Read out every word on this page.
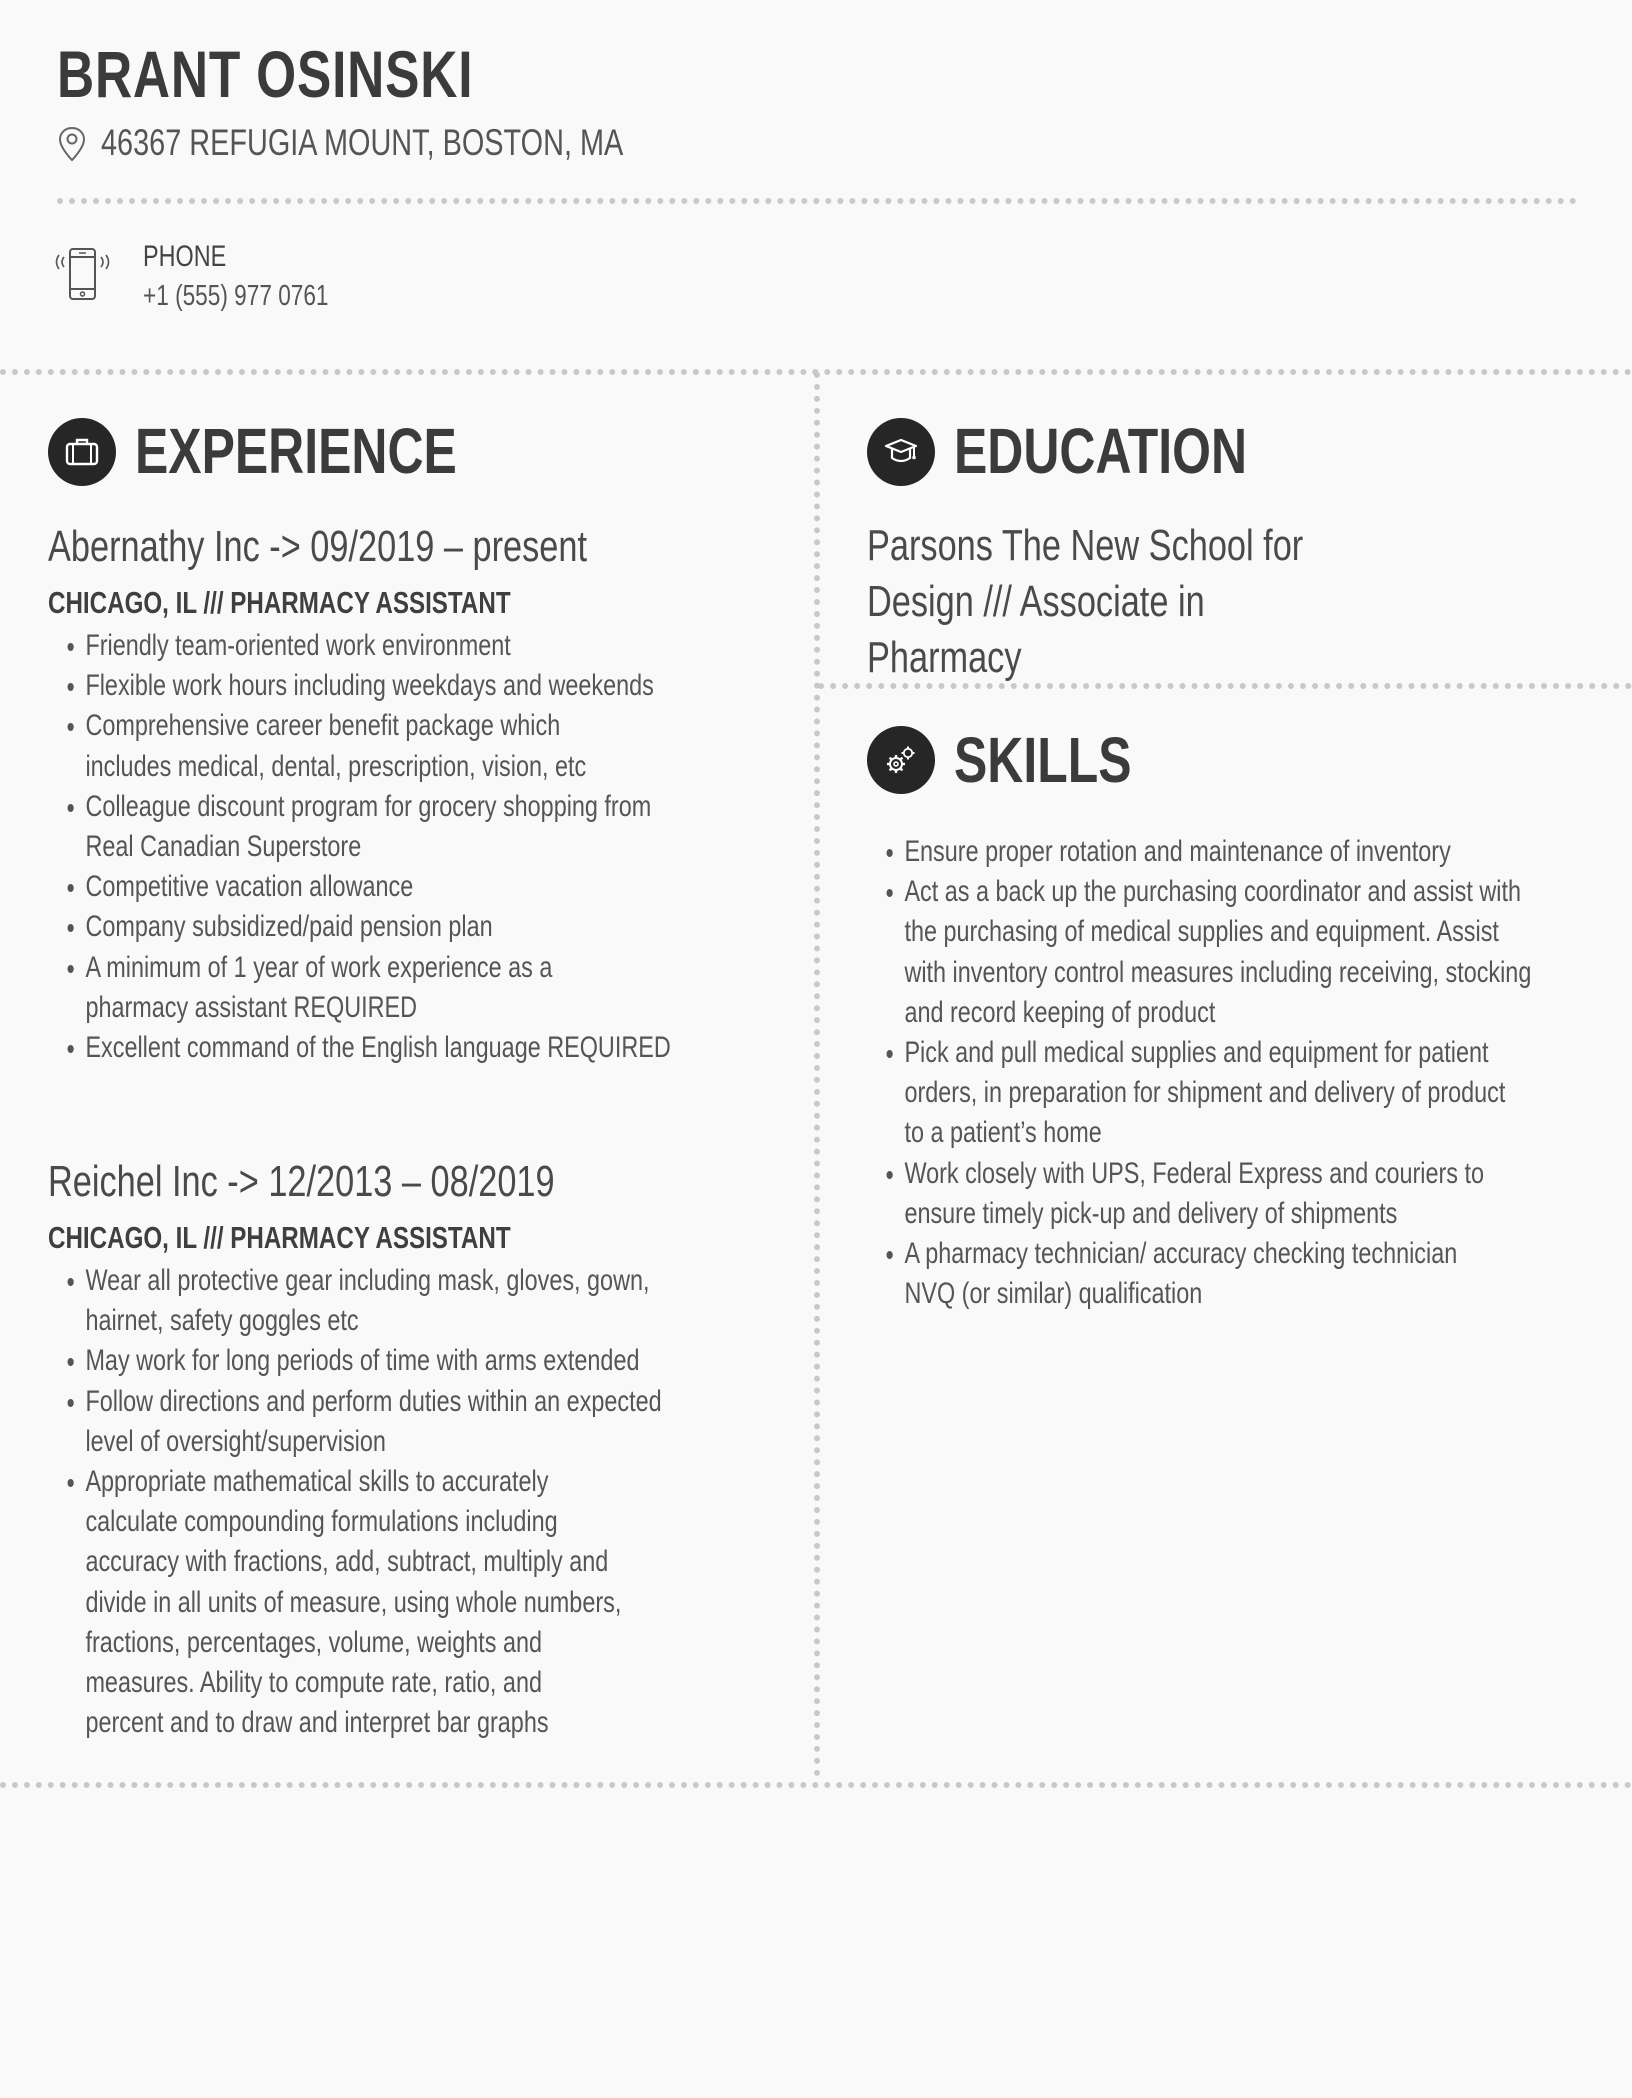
BRANT OSINSKI
46367 REFUGIA MOUNT, BOSTON, MA
PHONE
+1 (555) 977 0761
EXPERIENCE
Abernathy Inc -> 09/2019 – present
CHICAGO, IL /// PHARMACY ASSISTANT
Friendly team-oriented work environment
Flexible work hours including weekdays and weekends
Comprehensive career benefit package which includes medical, dental, prescription, vision, etc
Colleague discount program for grocery shopping from Real Canadian Superstore
Competitive vacation allowance
Company subsidized/paid pension plan
A minimum of 1 year of work experience as a pharmacy assistant REQUIRED
Excellent command of the English language REQUIRED
Reichel Inc -> 12/2013 – 08/2019
CHICAGO, IL /// PHARMACY ASSISTANT
Wear all protective gear including mask, gloves, gown, hairnet, safety goggles etc
May work for long periods of time with arms extended
Follow directions and perform duties within an expected level of oversight/supervision
Appropriate mathematical skills to accurately calculate compounding formulations including accuracy with fractions, add, subtract, multiply and divide in all units of measure, using whole numbers, fractions, percentages, volume, weights and measures. Ability to compute rate, ratio, and percent and to draw and interpret bar graphs
EDUCATION
Parsons The New School for Design /// Associate in Pharmacy
SKILLS
Ensure proper rotation and maintenance of inventory
Act as a back up the purchasing coordinator and assist with the purchasing of medical supplies and equipment. Assist with inventory control measures including receiving, stocking and record keeping of product
Pick and pull medical supplies and equipment for patient orders, in preparation for shipment and delivery of product to a patient’s home
Work closely with UPS, Federal Express and couriers to ensure timely pick-up and delivery of shipments
A pharmacy technician/ accuracy checking technician NVQ (or similar) qualification
